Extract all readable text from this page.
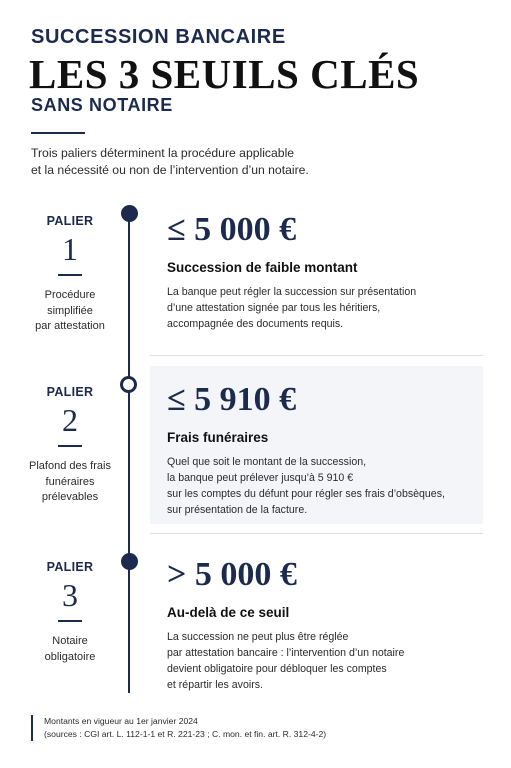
SUCCESSION BANCAIRE
LES 3 SEUILS CLÉS
SANS NOTAIRE
Trois paliers déterminent la procédure applicable
et la nécessité ou non de l’intervention d’un notaire.
PALIER
1
Procédure
simplifiée
par attestation
≤ 5 000 €
Succession de faible montant
La banque peut régler la succession sur présentation
d’une attestation signée par tous les héritiers,
accompagnée des documents requis.
PALIER
2
Plafond des frais
funéraires
prélevables
≤ 5 910 €
Frais funéraires
Quel que soit le montant de la succession,
la banque peut prélever jusqu’à 5 910 €
sur les comptes du défunt pour régler ses frais d’obsèques,
sur présentation de la facture.
PALIER
3
Notaire
obligatoire
> 5 000 €
Au-delà de ce seuil
La succession ne peut plus être réglée
par attestation bancaire : l’intervention d’un notaire
devient obligatoire pour débloquer les comptes
et répartir les avoirs.
Montants en vigueur au 1er janvier 2024
(sources : CGI art. L. 112-1-1 et R. 221-23 ; C. mon. et fin. art. R. 312-4-2)
